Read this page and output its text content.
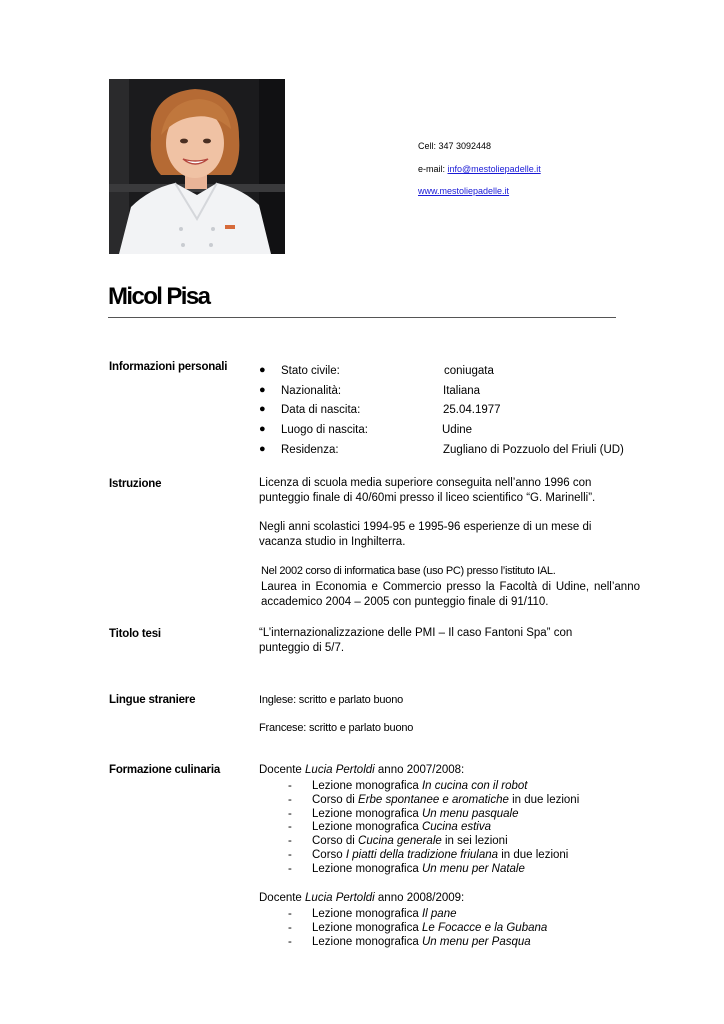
Cell: 347 3092448
e-mail: info@mestoliepadelle.it
www.mestoliepadelle.it
Micol Pisa
Informazioni personali	● Stato civile:	coniugata
● Nazionalità:	Italiana
● Data di nascita:	25.04.1977
● Luogo di nascita:	Udine
● Residenza:	Zugliano di Pozzuolo del Friuli (UD)
Istruzione	Licenza di scuola media superiore conseguita nell’anno 1996 con punteggio finale di 40/60mi presso il liceo scientifico “G. Marinelli”.
Negli anni scolastici 1994-95 e 1995-96 esperienze di un mese di vacanza studio in Inghilterra.
Nel 2002 corso di informatica base (uso PC) presso l’istituto IAL.
Laurea in Economia e Commercio presso la Facoltà di Udine, nell’anno accademico 2004 – 2005 con punteggio finale di 91/110.
Titolo tesi	“L’internazionalizzazione delle PMI – Il caso Fantoni Spa” con punteggio di 5/7.
Lingue straniere	Inglese: scritto e parlato buono
Francese: scritto e parlato buono
Formazione culinaria	Docente Lucia Pertoldi anno 2007/2008:
- Lezione monografica In cucina con il robot
- Corso di Erbe spontanee e aromatiche in due lezioni
- Lezione monografica Un menu pasquale
- Lezione monografica Cucina estiva
- Corso di Cucina generale in sei lezioni
- Corso I piatti della tradizione friulana in due lezioni
- Lezione monografica Un menu per Natale
Docente Lucia Pertoldi anno 2008/2009:
- Lezione monografica Il pane
- Lezione monografica Le Focacce e la Gubana
- Lezione monografica Un menu per Pasqua
